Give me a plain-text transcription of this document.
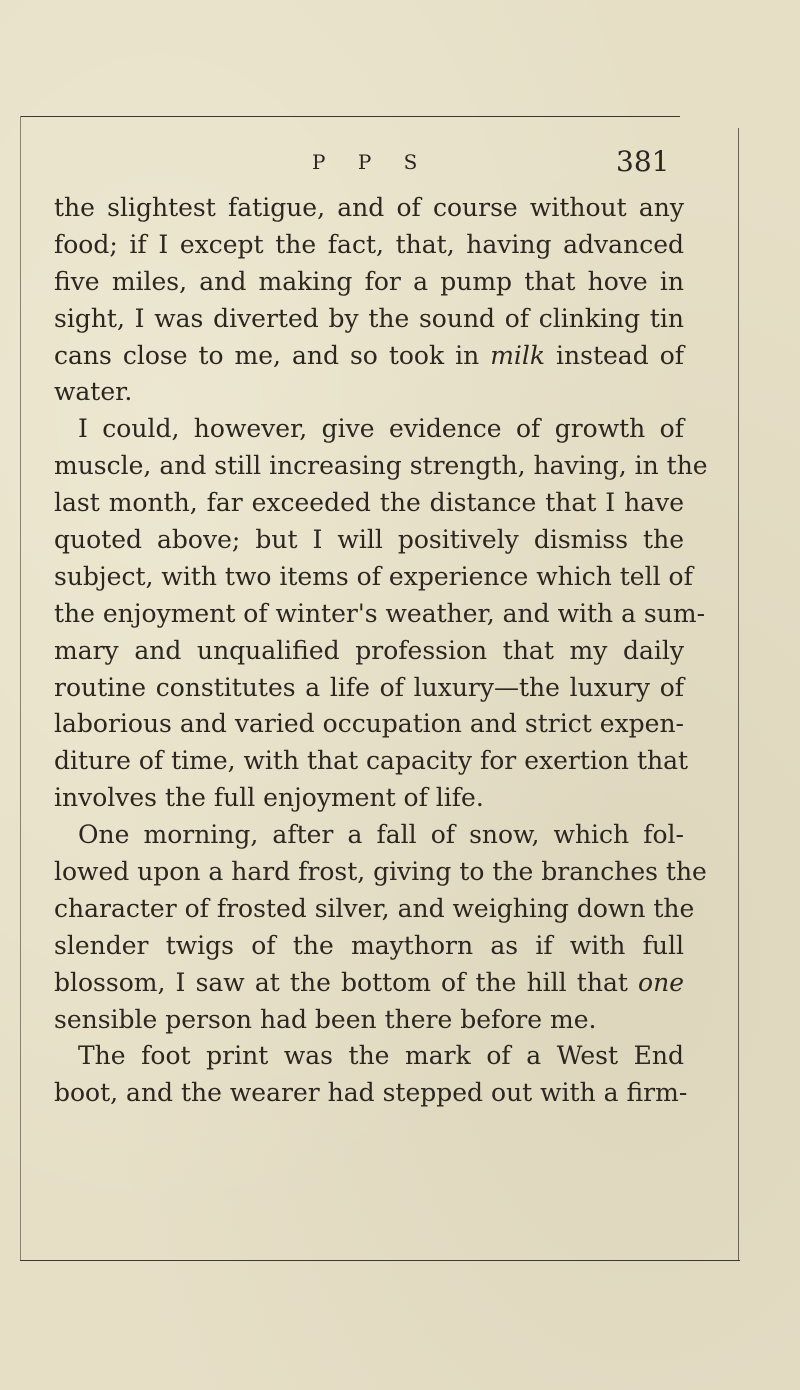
P P S	381
the slightest fatigue, and of course without any
food; if I except the fact, that, having advanced
five miles, and making for a pump that hove in
sight, I was diverted by the sound of clinking tin
cans close to me, and so took in milk instead of
water.
I could, however, give evidence of growth of
muscle, and still increasing strength, having, in the
last month, far exceeded the distance that I have
quoted above; but I will positively dismiss the
subject, with two items of experience which tell of
the enjoyment of winter's weather, and with a sum-
mary and unqualified profession that my daily
routine constitutes a life of luxury—the luxury of
laborious and varied occupation and strict expen-
diture of time, with that capacity for exertion that
involves the full enjoyment of life.
One morning, after a fall of snow, which fol-
lowed upon a hard frost, giving to the branches the
character of frosted silver, and weighing down the
slender twigs of the maythorn as if with full
blossom, I saw at the bottom of the hill that one
sensible person had been there before me.
The foot print was the mark of a West End
boot, and the wearer had stepped out with a firm-
